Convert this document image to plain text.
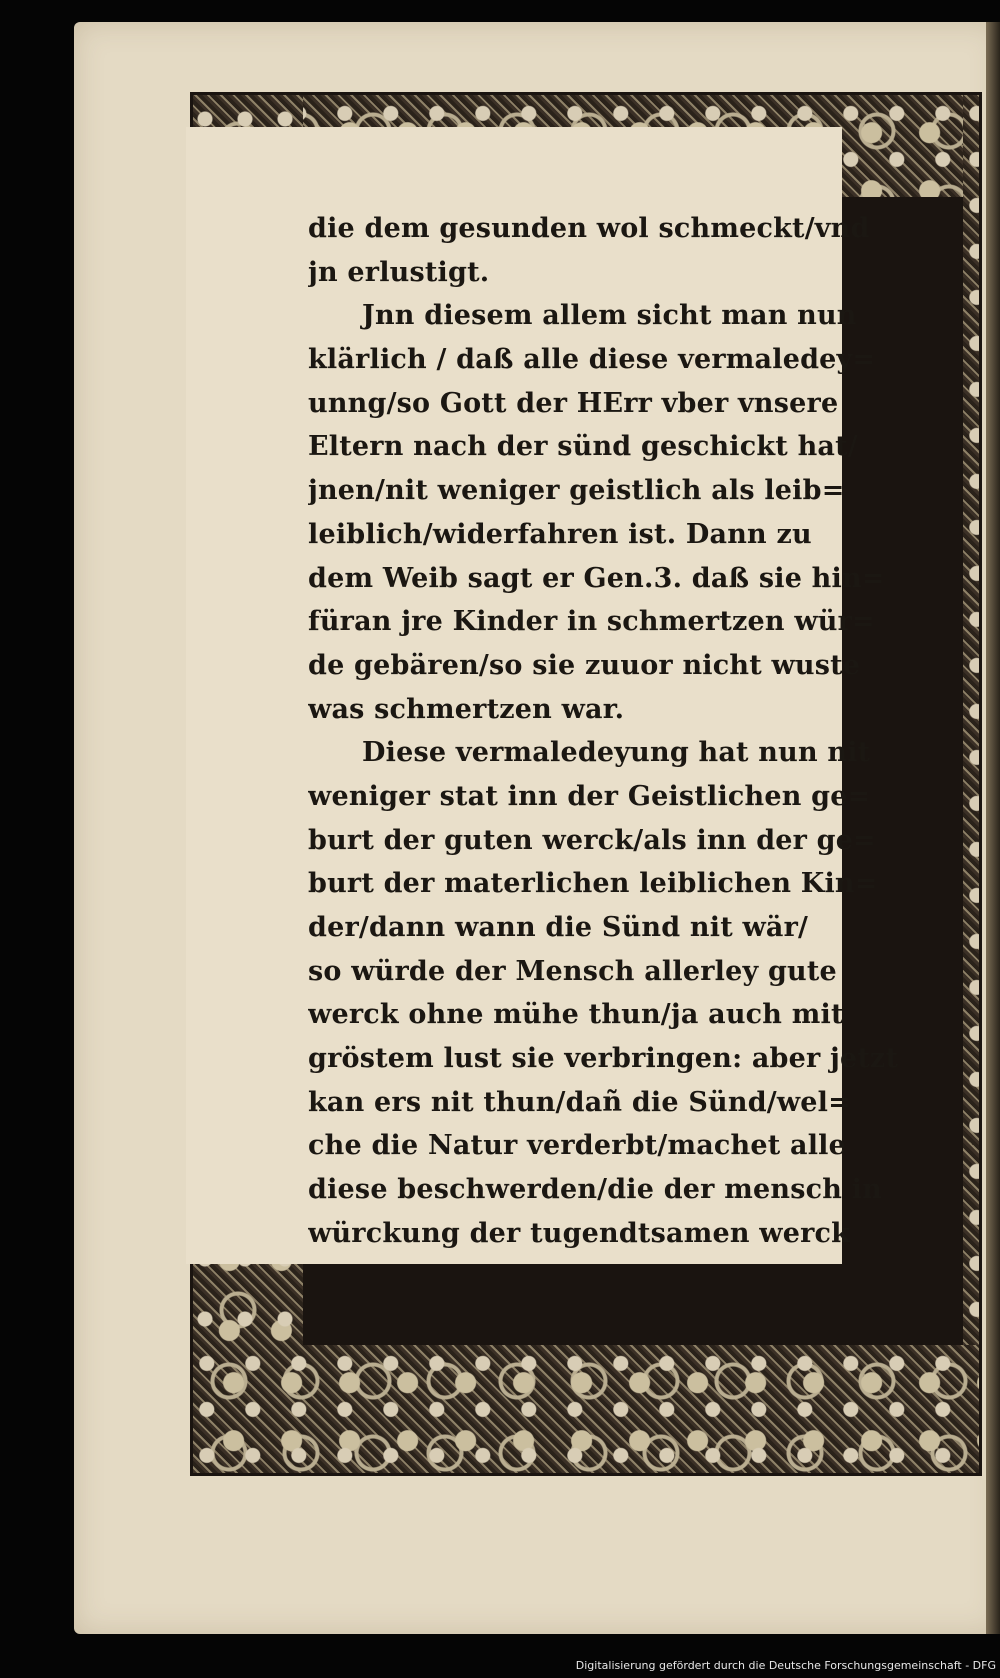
die dem gesunden wol schmeckt/vnd
jn erlustigt.
Jnn diesem allem sicht man nun
klärlich / daß alle diese vermaledey=
unng/so Gott der HErr vber vnsere
Eltern nach der sünd geschickt hat/
jnen/nit weniger geistlich als leib=
leiblich/widerfahren ist. Dann zu
dem Weib sagt er Gen.3. daß sie hin=
füran jre Kinder in schmertzen wür=
de gebären/so sie zuuor nicht wuste
was schmertzen war.
Diese vermaledeyung hat nun nit
weniger stat inn der Geistlichen ge=
burt der guten werck/als inn der ge=
burt der materlichen leiblichen Kin=
der/dann wann die Sünd nit wär/
so würde der Mensch allerley gute
werck ohne mühe thun/ja auch mit
gröstem lust sie verbringen: aber jetzt
kan ers nit thun/dañ die Sünd/wel=
che die Natur verderbt/machet alle
diese beschwerden/die der mensch in
würckung der tugendtsamen werck
Digitalisierung gefördert durch die Deutsche Forschungsgemeinschaft - DFG
